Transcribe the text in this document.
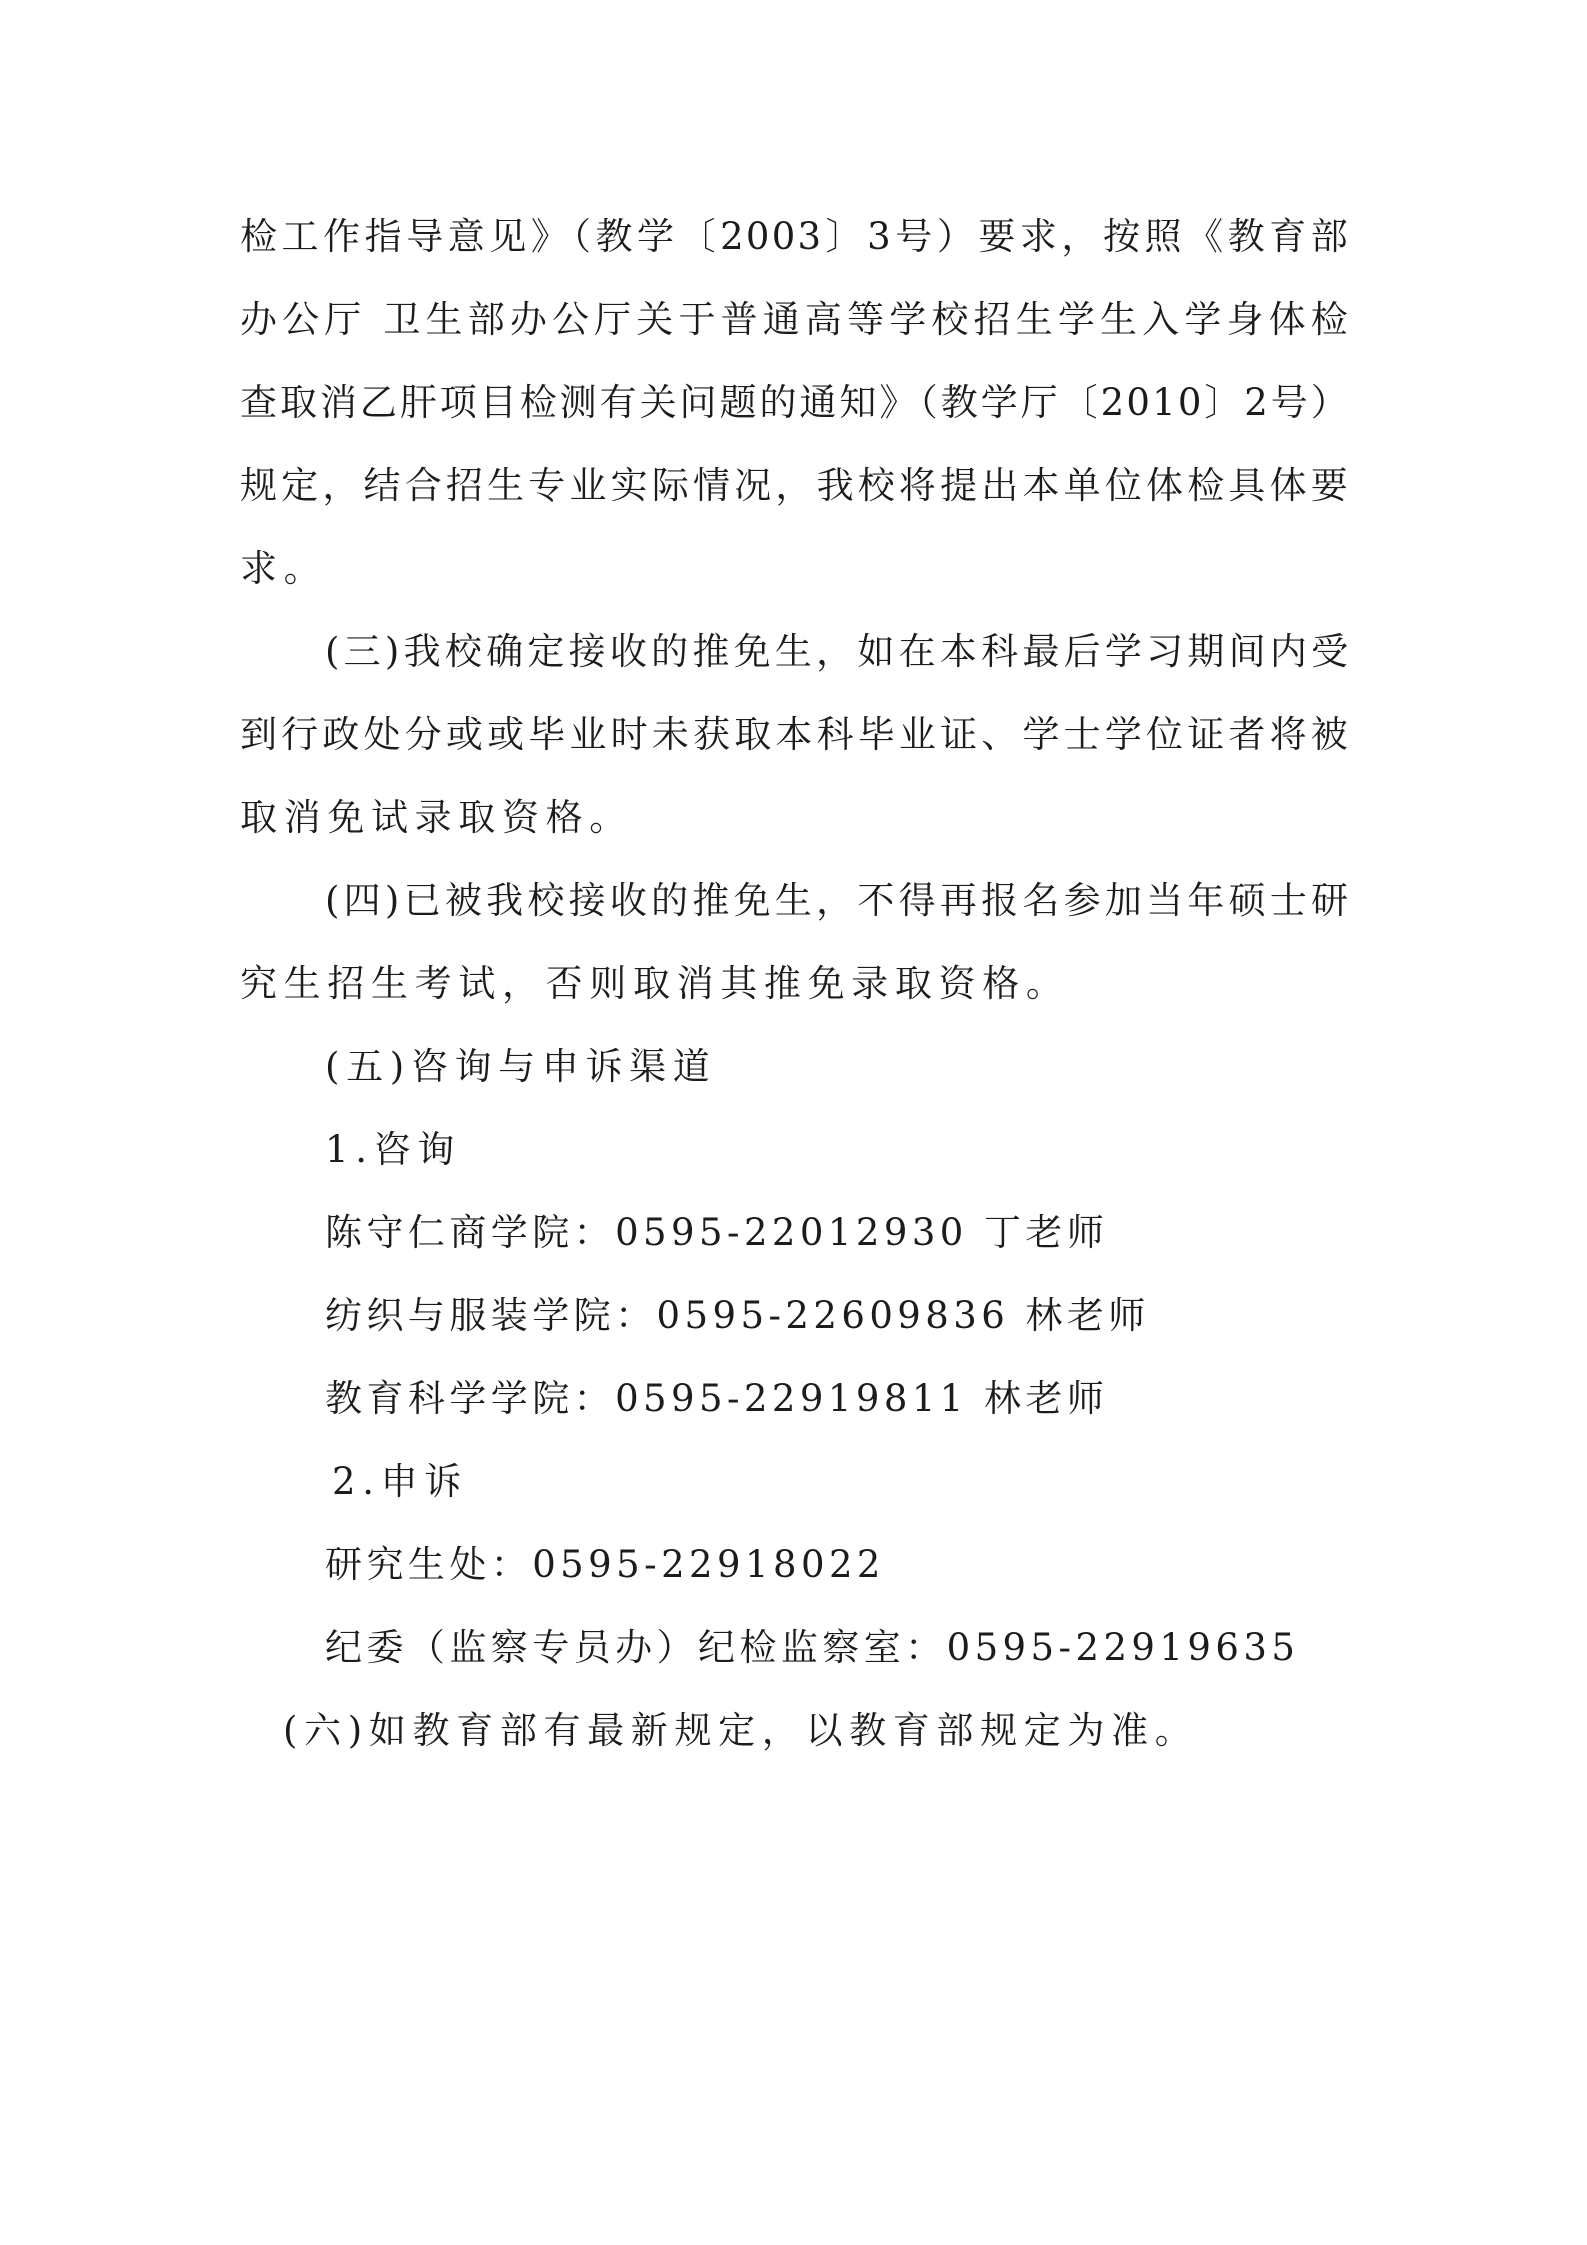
检工作指导意见》（教学〔2003〕3号）要求，按照《教育部
办公厅 卫生部办公厅关于普通高等学校招生学生入学身体检
查取消乙肝项目检测有关问题的通知》（教学厅〔2010〕2号）
规定，结合招生专业实际情况，我校将提出本单位体检具体要
求。
(三)我校确定接收的推免生，如在本科最后学习期间内受
到行政处分或或毕业时未获取本科毕业证、学士学位证者将被
取消免试录取资格。
(四)已被我校接收的推免生，不得再报名参加当年硕士研
究生招生考试，否则取消其推免录取资格。
(五)咨询与申诉渠道
1.咨询
陈守仁商学院：0595-22012930 丁老师
纺织与服装学院：0595-22609836 林老师
教育科学学院：0595-22919811 林老师
2.申诉
研究生处：0595-22918022
纪委（监察专员办）纪检监察室：0595-22919635
(六)如教育部有最新规定，以教育部规定为准。
